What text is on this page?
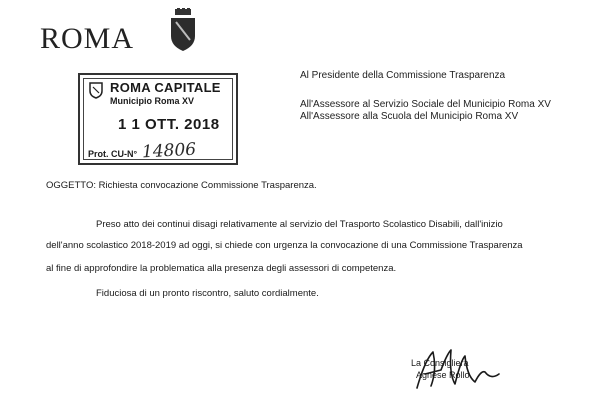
ROMA
ROMA CAPITALE
Municipio Roma XV
1 1 OTT. 2018
Prot. CU-N° 14806
Al Presidente della Commissione Trasparenza
All'Assessore al Servizio Sociale del Municipio Roma XV
All'Assessore alla Scuola del Municipio Roma XV
OGGETTO: Richiesta convocazione Commissione Trasparenza.
Preso atto dei continui disagi relativamente al servizio del Trasporto Scolastico Disabili, dall'inizio
dell'anno scolastico 2018-2019 ad oggi, si chiede con urgenza la convocazione di una Commissione Trasparenza
al fine di approfondire la problematica alla presenza degli assessori di competenza.
Fiduciosa di un pronto riscontro, saluto cordialmente.
La Consigliera
Agnese Rollo
